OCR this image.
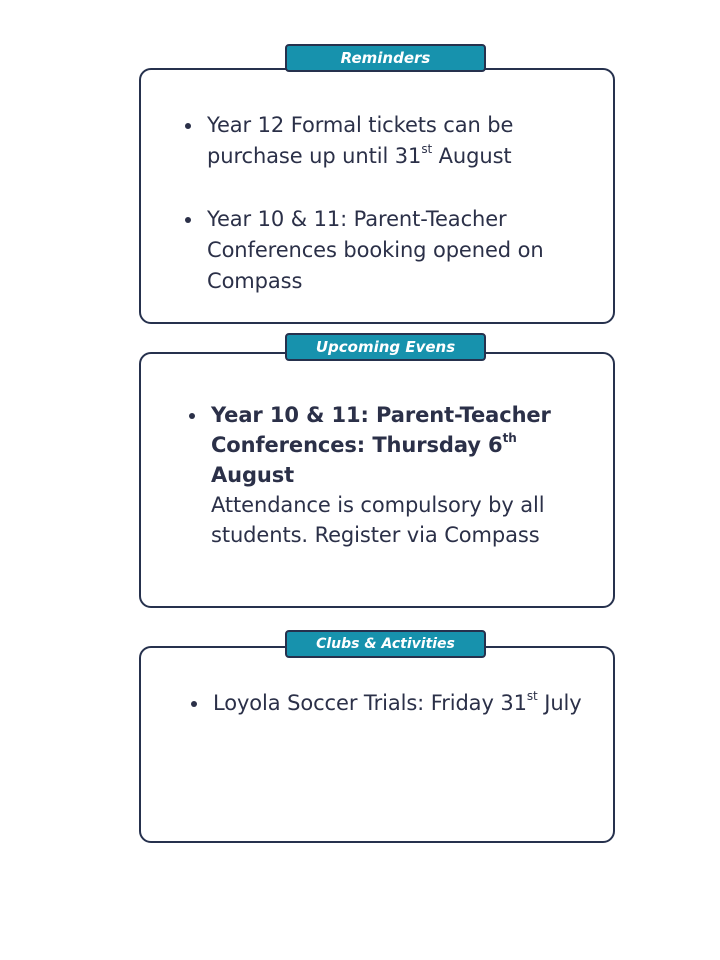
Reminders
Year 12 Formal tickets can be purchase up until 31st August
Year 10 & 11: Parent-Teacher Conferences booking opened on Compass
Upcoming Evens
Year 10 & 11: Parent-Teacher Conferences: Thursday 6th August
Attendance is compulsory by all students. Register via Compass
Clubs & Activities
Loyola Soccer Trials: Friday 31st July
